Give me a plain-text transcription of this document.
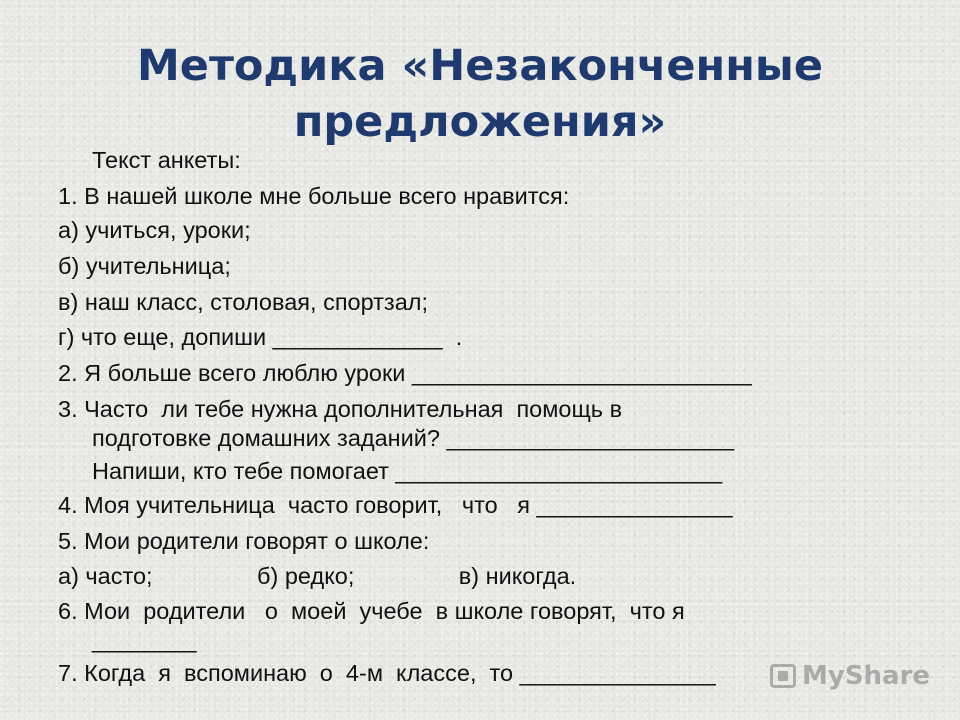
Методика «Незаконченные
предложения»
Текст анкеты:
1. В нашей школе мне больше всего нравится:
а) учиться, уроки;
б) учительница;
в) наш класс, столовая, спортзал;
г) что еще, допиши _____________  .
2. Я больше всего люблю уроки __________________________
3. Часто  ли тебе нужна дополнительная  помощь в
подготовке домашних заданий? ______________________
Напиши, кто тебе помогает _________________________
4. Моя учительница  часто говорит,   что   я _______________
5. Мои родители говорят о школе:
а) часто;                б) редко;                в) никогда.
6. Мои  родители   о  моей  учебе  в школе говорят,  что я
________
7. Когда  я  вспоминаю  о  4-м  классе,  то _______________	MyShare
